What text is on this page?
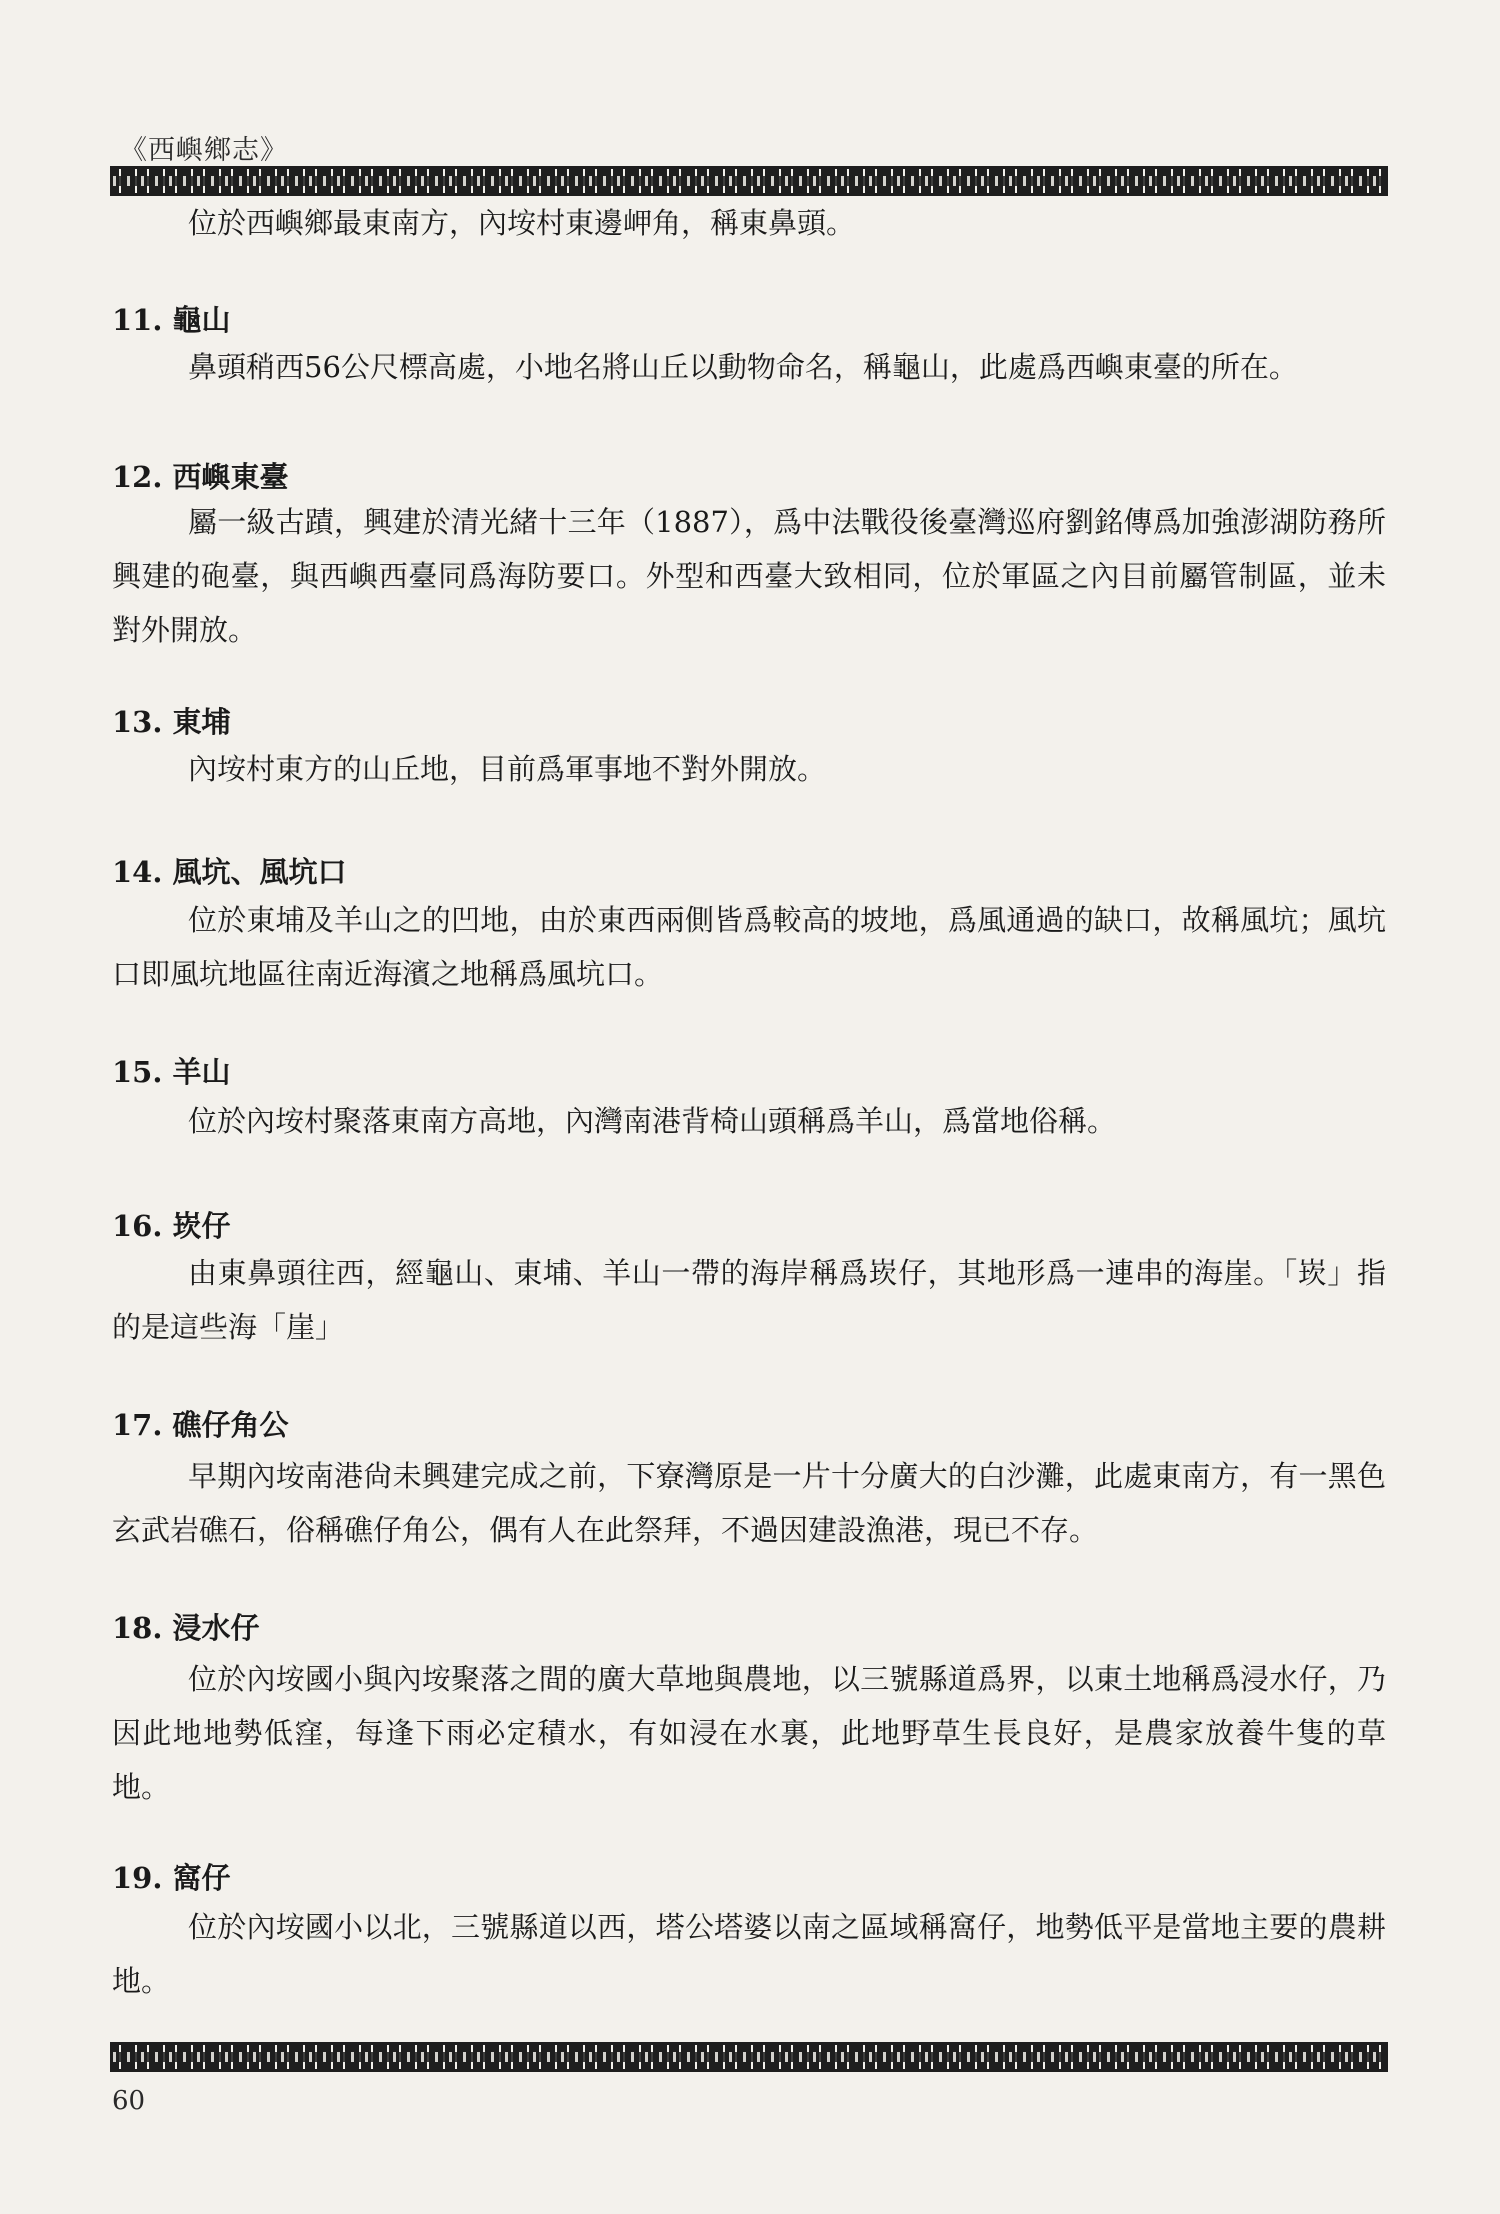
《西嶼鄉志》

位於西嶼鄉最東南方，內垵村東邊岬角，稱東鼻頭。

11. 龜山

鼻頭稍西56公尺標高處，小地名將山丘以動物命名，稱龜山，此處爲西嶼東臺的所在。

12. 西嶼東臺

屬一級古蹟，興建於清光緒十三年（1887），爲中法戰役後臺灣巡府劉銘傳爲加強澎湖防務所興建的砲臺，與西嶼西臺同爲海防要口。外型和西臺大致相同，位於軍區之內目前屬管制區，並未對外開放。

13. 東埔

內垵村東方的山丘地，目前爲軍事地不對外開放。

14. 風坑、風坑口

位於東埔及羊山之的凹地，由於東西兩側皆爲較高的坡地，爲風通過的缺口，故稱風坑；風坑口即風坑地區往南近海濱之地稱爲風坑口。

15. 羊山

位於內垵村聚落東南方高地，內灣南港背椅山頭稱爲羊山，爲當地俗稱。

16. 崁仔

由東鼻頭往西，經龜山、東埔、羊山一帶的海岸稱爲崁仔，其地形爲一連串的海崖。「崁」指的是這些海「崖」

17. 礁仔角公

早期內垵南港尙未興建完成之前，下寮灣原是一片十分廣大的白沙灘，此處東南方，有一黑色玄武岩礁石，俗稱礁仔角公，偶有人在此祭拜，不過因建設漁港，現已不存。

18. 浸水仔

位於內垵國小與內垵聚落之間的廣大草地與農地，以三號縣道爲界，以東土地稱爲浸水仔，乃因此地地勢低窪，每逢下雨必定積水，有如浸在水裏，此地野草生長良好，是農家放養牛隻的草地。

19. 窩仔

位於內垵國小以北，三號縣道以西，塔公塔婆以南之區域稱窩仔，地勢低平是當地主要的農耕地。

60
